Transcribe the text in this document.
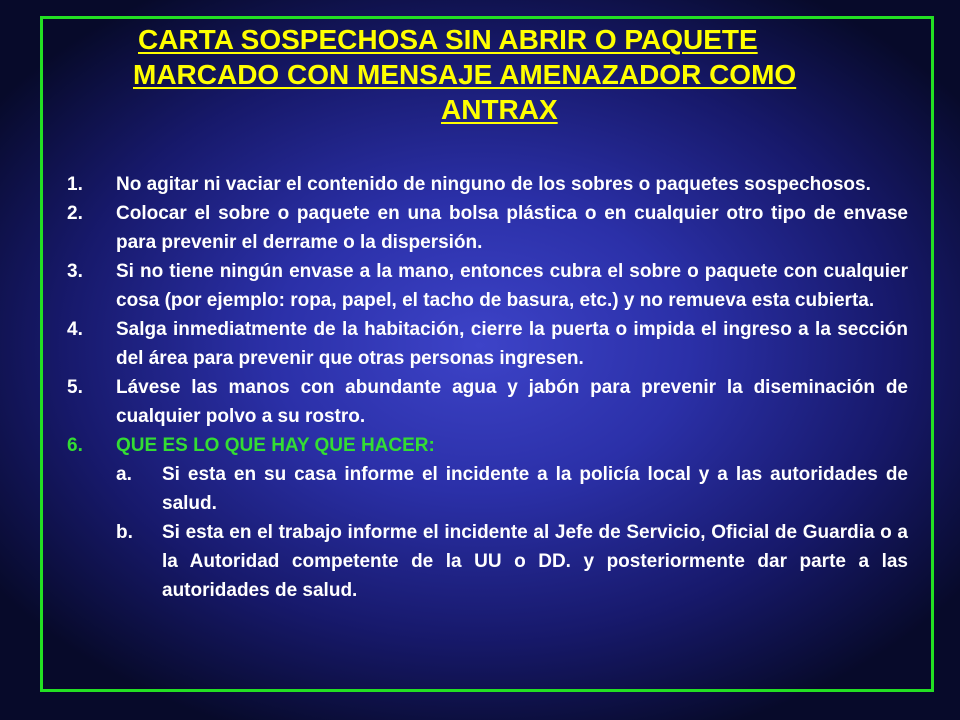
CARTA SOSPECHOSA SIN ABRIR O PAQUETE
MARCADO CON MENSAJE AMENAZADOR COMO
ANTRAX
1.	No agitar ni vaciar el contenido de ninguno de los sobres o paquetes sospechosos.
2.	Colocar el sobre o paquete en una bolsa plástica o en cualquier otro tipo de envase para prevenir el derrame o la dispersión.
3.	Si no tiene ningún envase a la mano, entonces cubra el sobre o paquete con cualquier cosa (por ejemplo: ropa, papel, el tacho de basura, etc.) y no remueva esta cubierta.
4.	Salga inmediatmente de la habitación, cierre la puerta o impida el ingreso a la sección del área para prevenir que otras personas ingresen.
5.	Lávese las manos con abundante agua y jabón para prevenir la diseminación de cualquier polvo a su rostro.
6.	QUE ES LO QUE HAY QUE HACER:
a.	Si esta en su casa informe el incidente a la policía local y a las autoridades de salud.
b.	Si esta en el trabajo informe el incidente al Jefe de Servicio, Oficial de Guardia o a la Autoridad competente de la UU o DD. y posteriormente dar parte a las autoridades de salud.
